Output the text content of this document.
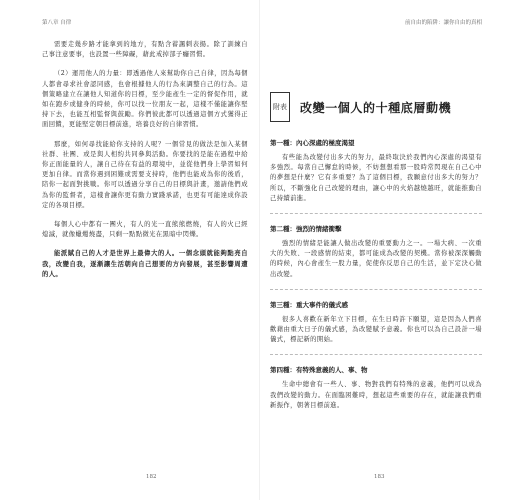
第八章 自律	前自由的陷阱：讓你自由的真相

需要走幾步路才能拿到的地方，有點含蓄諷刺表揚。除了訓練自己事注意要事，也設置一些障礙，藉此戒掉部子癮習慣。

（2）運用他人的力量：即透過他人來幫助你自己自律，因為每個人都會尋求社會認同感，也會根據他人的行為來調整自己的行為。這個策略建立在讓他人知道你的目標，至少能產生一定的督促作用，就如在跑步或健身的時候，你可以找一位朋友一起，這樣不僅能讓你堅持下去，也能互相監督與鼓勵。你們彼此都可以透過這個方式獲得正面回饋，更能堅定朝目標前進，培養良好的自律習慣。

那麼，如何尋找能給你支持的人呢？一個常見的做法是加入某個社群、社團、或是與人相約共同參與活動。你要找的是能在過程中給你正面能量的人，讓自己待在有益的環境中，並從他們身上學習如何更加自律。而當你遇到困難或需要支持時，他們也能成為你的後盾，陪你一起面對挑戰。你可以透過分享自己的目標與計畫，邀請他們成為你的監督者，這樣會讓你更有動力實踐承諾，也更有可能達成你設定的各項目標。

每個人心中都有一團火，有人的光一直熊熊燃燒，有人的火已經熄滅，就像蠟燭燒盡，只剩一點點微光在黑暗中閃爍。

能派賦自己的人才是世界上最偉大的人。一個念頭就能夠點亮自我，改變自我，逐漸讓生活朝向自己想要的方向發展，甚至影響周遭的人。

182
附表 改變一個人的十種底層動機
第一種：內心深處的極度渴望

有些能為改變付出多大的努力，最終取決於我們內心深處的渴望有多強烈。每當自己懈怠的時候，不妨想想看那一股時常閃現在自己心中的夢想是什麼？它有多重要？為了這個目標，我願意付出多大的努力？所以，不斷強化自己改變的理由，讓心中的火焰越燒越旺，就能推動自己持續前進。

第二種：強烈的情緒衝擊

強烈的情緒是能讓人做出改變的重要動力之一。一場大病、一次重大的失敗、一段感情的結束，都可能成為改變的契機。當你被深深觸動的時候，內心會產生一股力量，促使你反思自己的生活，並下定決心做出改變。

第三種：重大事件的儀式感

很多人喜歡在新年立下目標，在生日時許下願望，這是因為人們喜歡藉由重大日子的儀式感，為改變賦予意義。你也可以為自己設計一場儀式，標記新的開始。

第四種：有特殊意義的人、事、物

生命中總會有一些人、事、物對我們有特殊的意義，他們可以成為我們改變的動力。在面臨困難時，想起這些重要的存在，就能讓我們重新振作，朝著目標前進。

183
